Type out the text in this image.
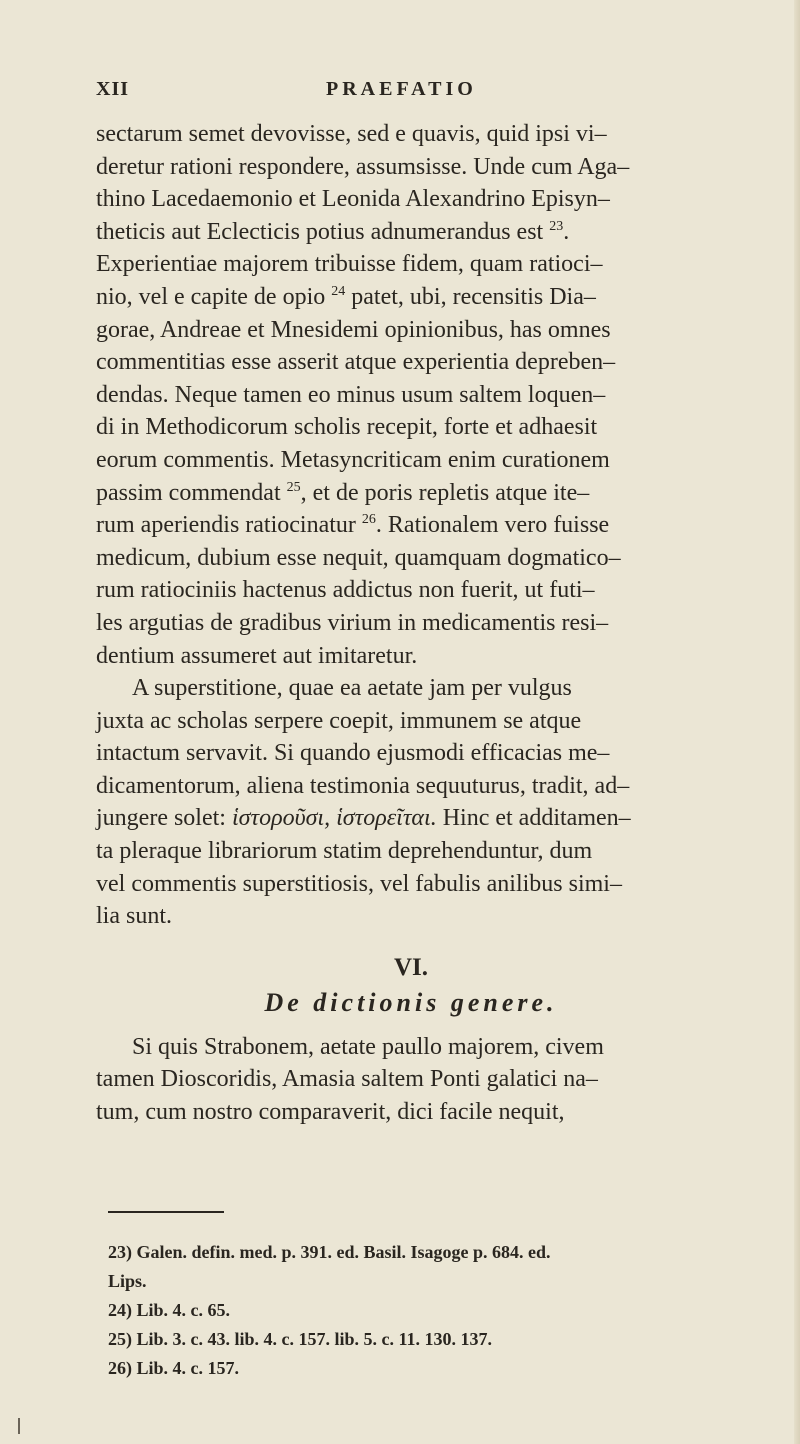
XII	PRAEFATIO
sectarum semet devovisse, sed e quavis, quid ipsi vi–
deretur rationi respondere, assumsisse. Unde cum Aga–
thino Lacedaemonio et Leonida Alexandrino Episyn–
theticis aut Eclecticis potius adnumerandus est $^{23}$.
Experientiae majorem tribuisse fidem, quam ratioci–
nio, vel e capite de opio $^{24}$ patet, ubi, recensitis Dia–
gorae, Andreae et Mnesidemi opinionibus, has omnes
commentitias esse asserit atque experientia depreben–
dendas. Neque tamen eo minus usum saltem loquen–
di in Methodicorum scholis recepit, forte et adhaesit
eorum commentis. Metasyncriticam enim curationem
passim commendat $^{25}$, et de poris repletis atque ite–
rum aperiendis ratiocinatur $^{26}$. Rationalem vero fuisse
medicum, dubium esse nequit, quamquam dogmatico–
rum ratiociniis hactenus addictus non fuerit, ut futi–
les argutias de gradibus virium in medicamentis resi–
dentium assumeret aut imitaretur.
A superstitione, quae ea aetate jam per vulgus
juxta ac scholas serpere coepit, immunem se atque
intactum servavit. Si quando ejusmodi efficacias me–
dicamentorum, aliena testimonia sequuturus, tradit, ad–
jungere solet: ἱστοροῦσι, ἱστορεῖται. Hinc et additamen–
ta pleraque librariorum statim deprehenduntur, dum
vel commentis superstitiosis, vel fabulis anilibus simi–
lia sunt.
VI.
De dictionis genere.
Si quis Strabonem, aetate paullo majorem, civem
tamen Dioscoridis, Amasia saltem Ponti galatici na–
tum, cum nostro comparaverit, dici facile nequit,
23) Galen. defin. med. p. 391. ed. Basil. Isagoge p. 684. ed.
Lips.
24) Lib. 4. c. 65.
25) Lib. 3. c. 43. lib. 4. c. 157. lib. 5. c. 11. 130. 137.
26) Lib. 4. c. 157.
